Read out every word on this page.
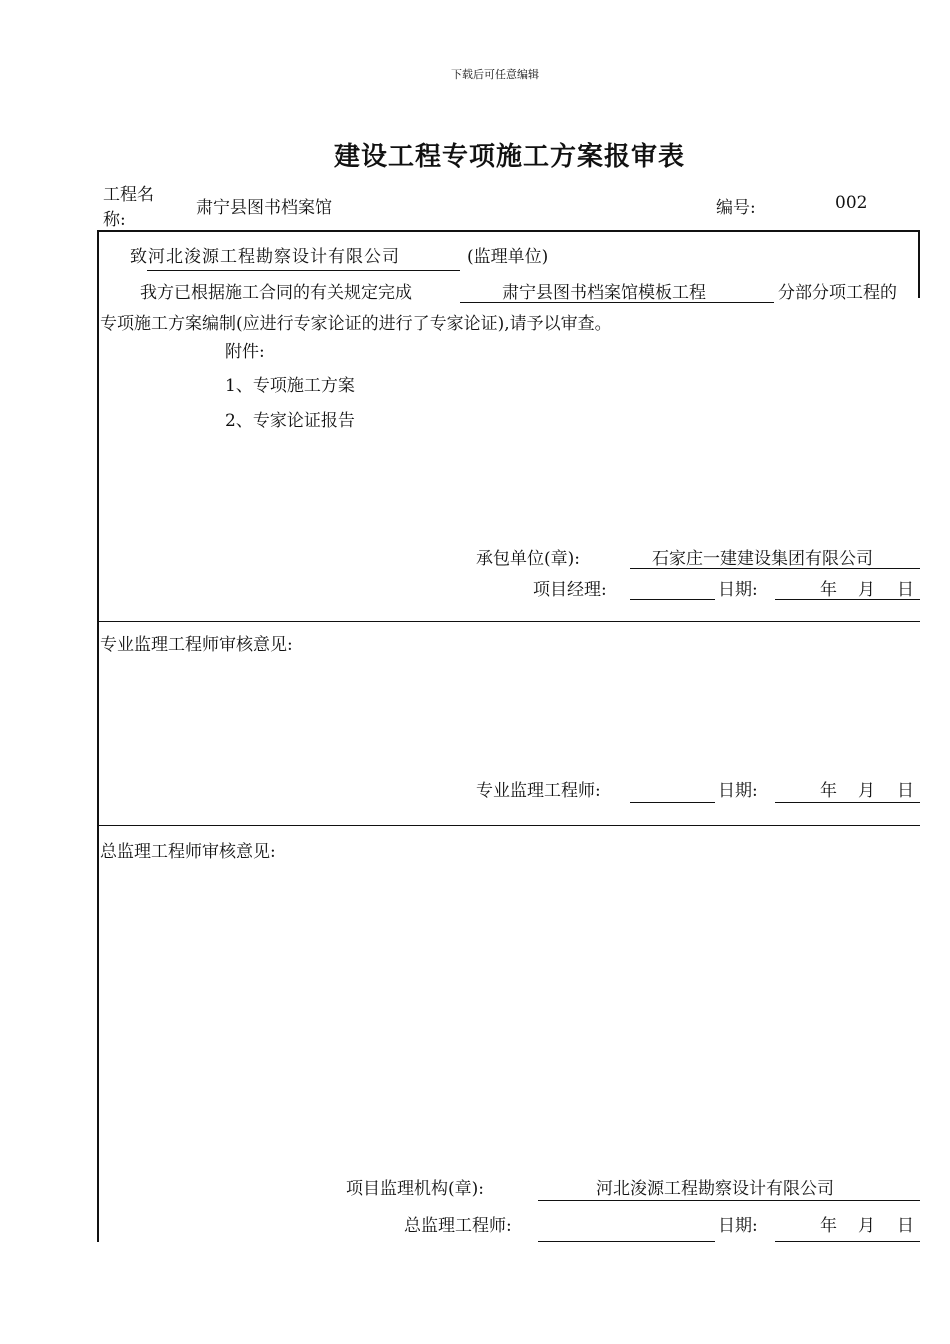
下载后可任意编辑
建设工程专项施工方案报审表
工程名
称:
肃宁县图书档案馆	编号:	002
致河北浚源工程勘察设计有限公司	(监理单位)
我方已根据施工合同的有关规定完成	肃宁县图书档案馆模板工程	分部分项工程的
专项施工方案编制(应进行专家论证的进行了专家论证),请予以审查。
附件:
1、专项施工方案
2、专家论证报告
承包单位(章):	石家庄一建建设集团有限公司
项目经理:	日期:	年 月 日
专业监理工程师审核意见:
专业监理工程师:	日期:	年 月 日
总监理工程师审核意见:
项目监理机构(章):	河北浚源工程勘察设计有限公司
总监理工程师:	日期:	年 月 日
